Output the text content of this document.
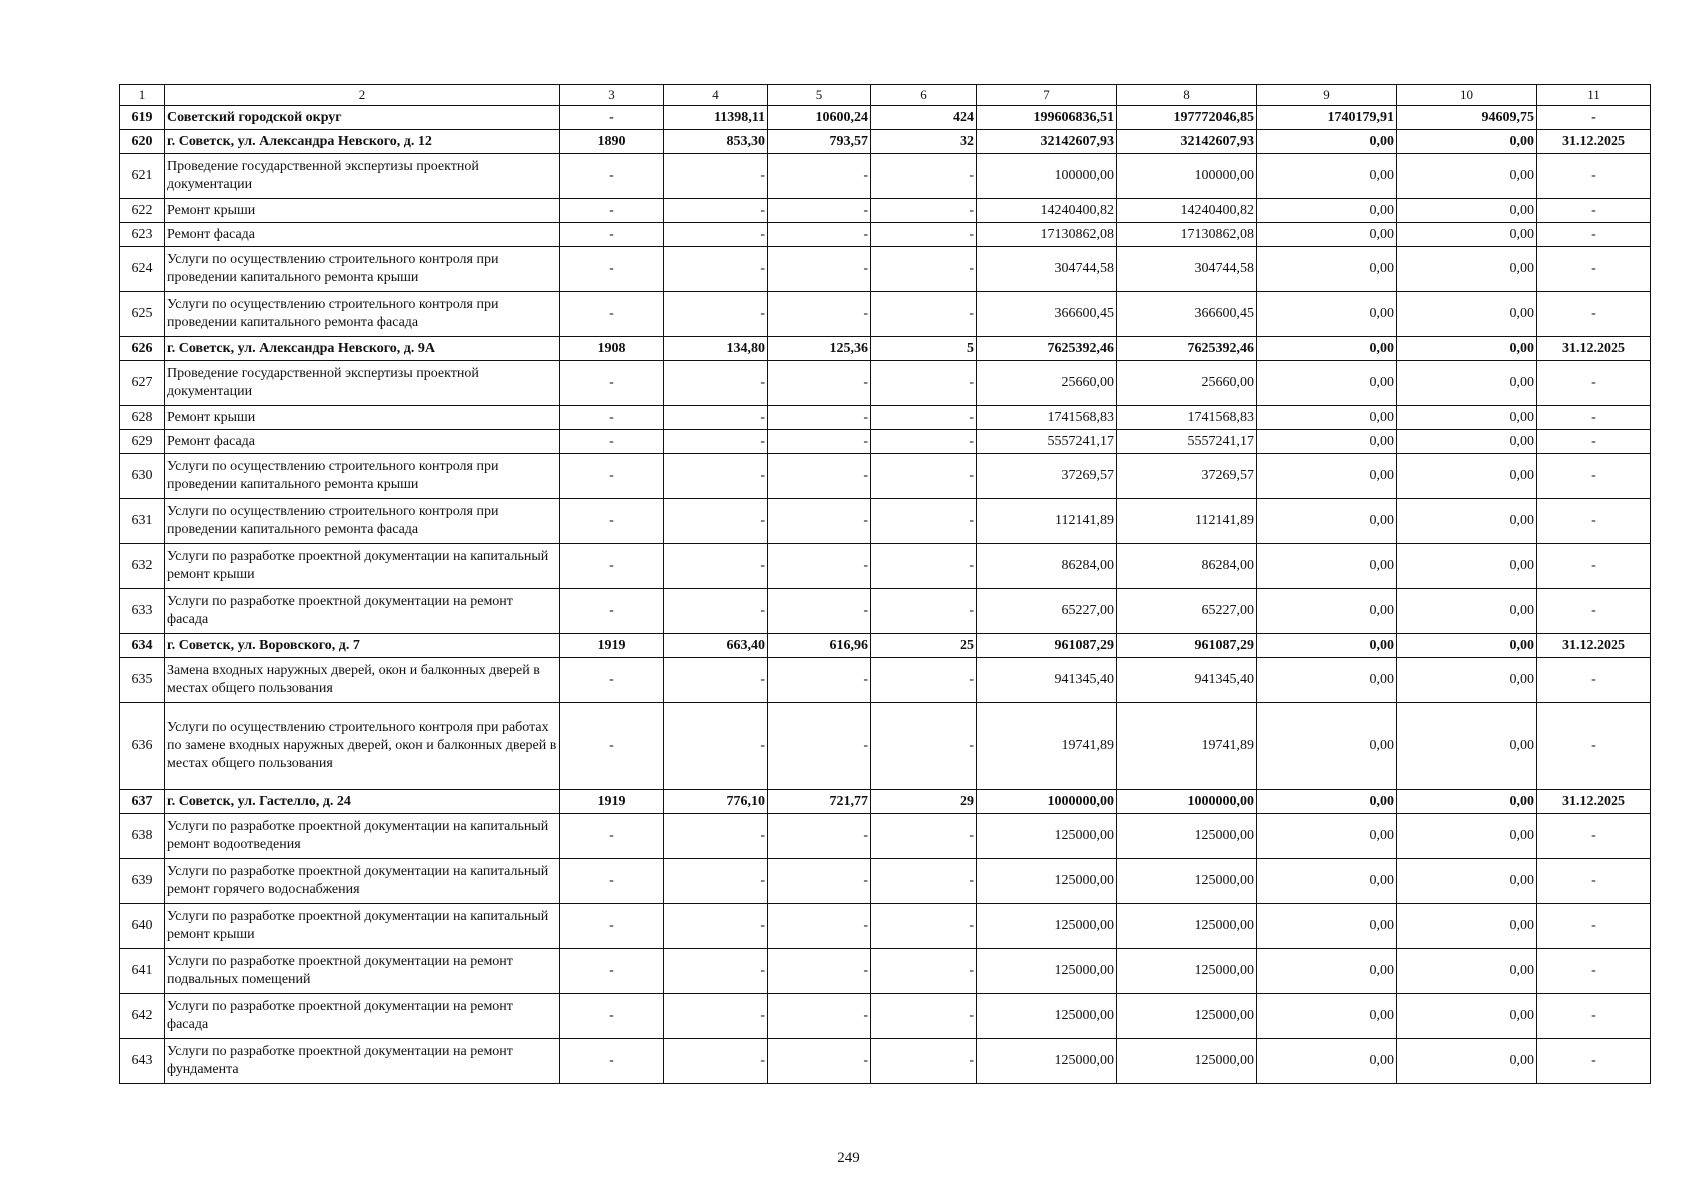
1	2	3	4	5	6	7	8	9	10	11
619	Советский городской округ	-	11398,11	10600,24	424	199606836,51	197772046,85	1740179,91	94609,75	-
620	г. Советск, ул. Александра Невского, д. 12	1890	853,30	793,57	32	32142607,93	32142607,93	0,00	0,00	31.12.2025
621	Проведение государственной экспертизы проектной документации	-	-	-	-	100000,00	100000,00	0,00	0,00	-
622	Ремонт крыши	-	-	-	-	14240400,82	14240400,82	0,00	0,00	-
623	Ремонт фасада	-	-	-	-	17130862,08	17130862,08	0,00	0,00	-
624	Услуги по осуществлению строительного контроля при проведении капитального ремонта крыши	-	-	-	-	304744,58	304744,58	0,00	0,00	-
625	Услуги по осуществлению строительного контроля при проведении капитального ремонта фасада	-	-	-	-	366600,45	366600,45	0,00	0,00	-
626	г. Советск, ул. Александра Невского, д. 9А	1908	134,80	125,36	5	7625392,46	7625392,46	0,00	0,00	31.12.2025
627	Проведение государственной экспертизы проектной документации	-	-	-	-	25660,00	25660,00	0,00	0,00	-
628	Ремонт крыши	-	-	-	-	1741568,83	1741568,83	0,00	0,00	-
629	Ремонт фасада	-	-	-	-	5557241,17	5557241,17	0,00	0,00	-
630	Услуги по осуществлению строительного контроля при проведении капитального ремонта крыши	-	-	-	-	37269,57	37269,57	0,00	0,00	-
631	Услуги по осуществлению строительного контроля при проведении капитального ремонта фасада	-	-	-	-	112141,89	112141,89	0,00	0,00	-
632	Услуги по разработке проектной документации на капитальный ремонт крыши	-	-	-	-	86284,00	86284,00	0,00	0,00	-
633	Услуги по разработке проектной документации на ремонт фасада	-	-	-	-	65227,00	65227,00	0,00	0,00	-
634	г. Советск, ул. Воровского, д. 7	1919	663,40	616,96	25	961087,29	961087,29	0,00	0,00	31.12.2025
635	Замена входных наружных дверей, окон и балконных дверей в местах общего пользования	-	-	-	-	941345,40	941345,40	0,00	0,00	-
636	Услуги по осуществлению строительного контроля при работах по замене входных наружных дверей, окон и балконных дверей в местах общего пользования	-	-	-	-	19741,89	19741,89	0,00	0,00	-
637	г. Советск, ул. Гастелло, д. 24	1919	776,10	721,77	29	1000000,00	1000000,00	0,00	0,00	31.12.2025
638	Услуги по разработке проектной документации на капитальный ремонт водоотведения	-	-	-	-	125000,00	125000,00	0,00	0,00	-
639	Услуги по разработке проектной документации на капитальный ремонт горячего водоснабжения	-	-	-	-	125000,00	125000,00	0,00	0,00	-
640	Услуги по разработке проектной документации на капитальный ремонт крыши	-	-	-	-	125000,00	125000,00	0,00	0,00	-
641	Услуги по разработке проектной документации на ремонт подвальных помещений	-	-	-	-	125000,00	125000,00	0,00	0,00	-
642	Услуги по разработке проектной документации на ремонт фасада	-	-	-	-	125000,00	125000,00	0,00	0,00	-
643	Услуги по разработке проектной документации на ремонт фундамента	-	-	-	-	125000,00	125000,00	0,00	0,00	-
249
